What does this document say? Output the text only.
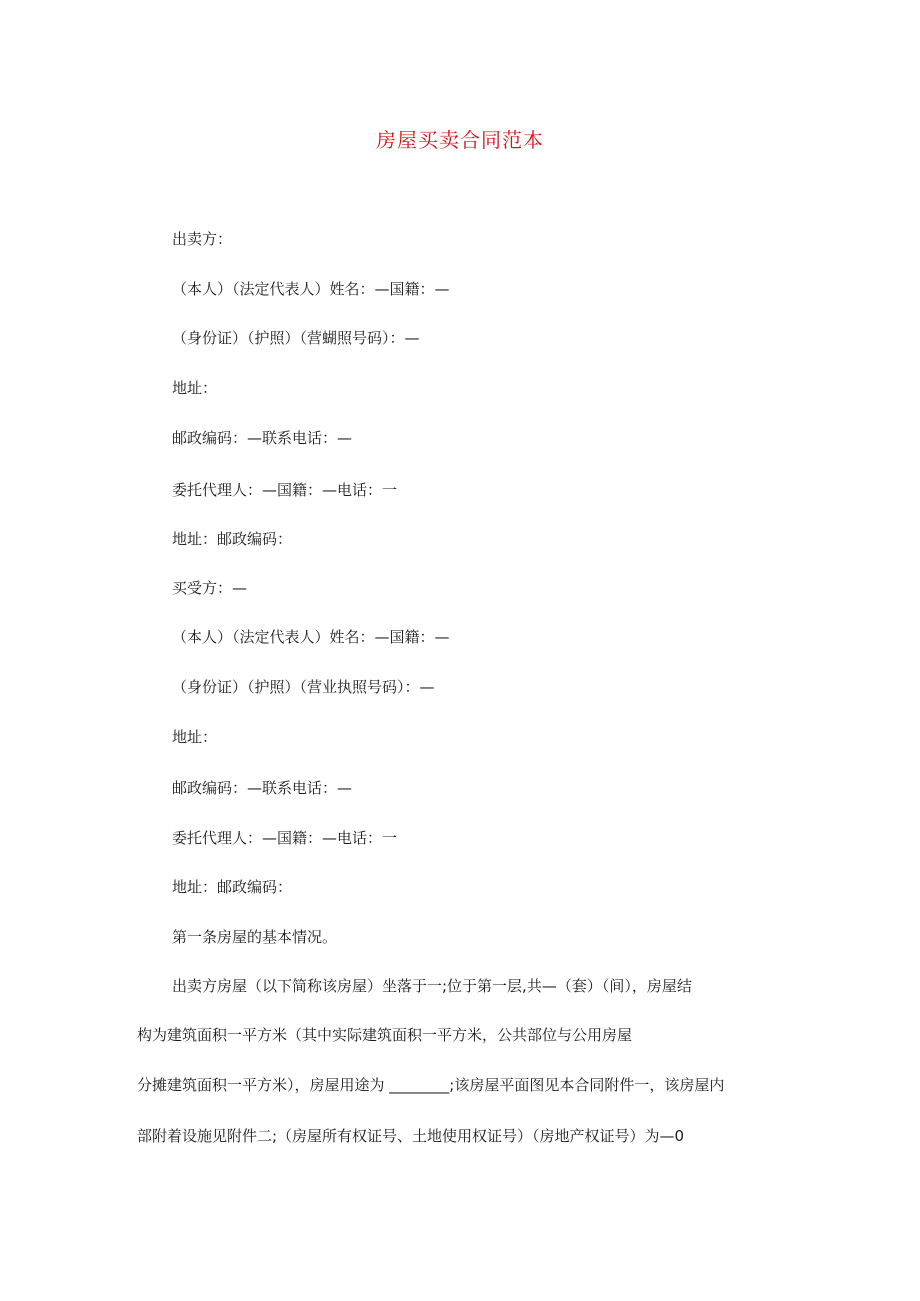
房屋买卖合同范本
出卖方：
（本人）（法定代表人）姓名：—国籍：—
（身份证）（护照）（营蝴照号码）：—
地址：
邮政编码：—联系电话：—
委托代理人：—国籍：—电话：一
地址：邮政编码：
买受方：—
（本人）（法定代表人）姓名：—国籍：—
（身份证）（护照）（营业执照号码）：—
地址：
邮政编码：—联系电话：—
委托代理人：—国籍：—电话：一
地址：邮政编码：
第一条房屋的基本情况。
出卖方房屋（以下简称该房屋）坐落于一;位于第一层,共—（套）（间），房屋结
构为建筑面积一平方米（其中实际建筑面积一平方米，公共部位与公用房屋
分摊建筑面积一平方米），房屋用途为 ________;该房屋平面图见本合同附件一，该房屋内
部附着设施见附件二;（房屋所有权证号、土地使用权证号）（房地产权证号）为—0
